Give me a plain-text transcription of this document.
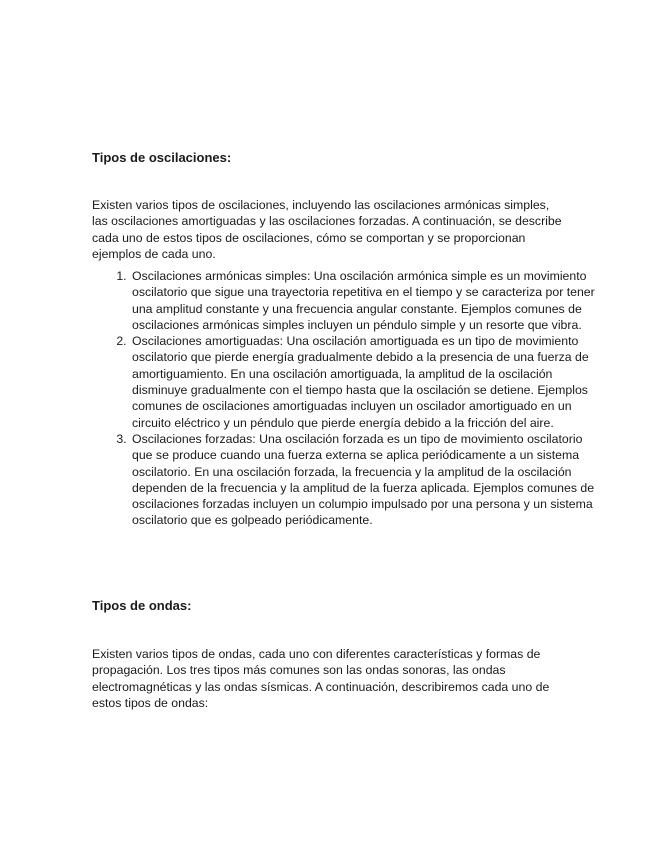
Tipos de oscilaciones:

Existen varios tipos de oscilaciones, incluyendo las oscilaciones armónicas simples, las oscilaciones amortiguadas y las oscilaciones forzadas. A continuación, se describe cada uno de estos tipos de oscilaciones, cómo se comportan y se proporcionan ejemplos de cada uno.

1. Oscilaciones armónicas simples: Una oscilación armónica simple es un movimiento oscilatorio que sigue una trayectoria repetitiva en el tiempo y se caracteriza por tener una amplitud constante y una frecuencia angular constante. Ejemplos comunes de oscilaciones armónicas simples incluyen un péndulo simple y un resorte que vibra.
2. Oscilaciones amortiguadas: Una oscilación amortiguada es un tipo de movimiento oscilatorio que pierde energía gradualmente debido a la presencia de una fuerza de amortiguamiento. En una oscilación amortiguada, la amplitud de la oscilación disminuye gradualmente con el tiempo hasta que la oscilación se detiene. Ejemplos comunes de oscilaciones amortiguadas incluyen un oscilador amortiguado en un circuito eléctrico y un péndulo que pierde energía debido a la fricción del aire.
3. Oscilaciones forzadas: Una oscilación forzada es un tipo de movimiento oscilatorio que se produce cuando una fuerza externa se aplica periódicamente a un sistema oscilatorio. En una oscilación forzada, la frecuencia y la amplitud de la oscilación dependen de la frecuencia y la amplitud de la fuerza aplicada. Ejemplos comunes de oscilaciones forzadas incluyen un columpio impulsado por una persona y un sistema oscilatorio que es golpeado periódicamente.
Tipos de ondas:

Existen varios tipos de ondas, cada uno con diferentes características y formas de propagación. Los tres tipos más comunes son las ondas sonoras, las ondas electromagnéticas y las ondas sísmicas. A continuación, describiremos cada uno de estos tipos de ondas:
